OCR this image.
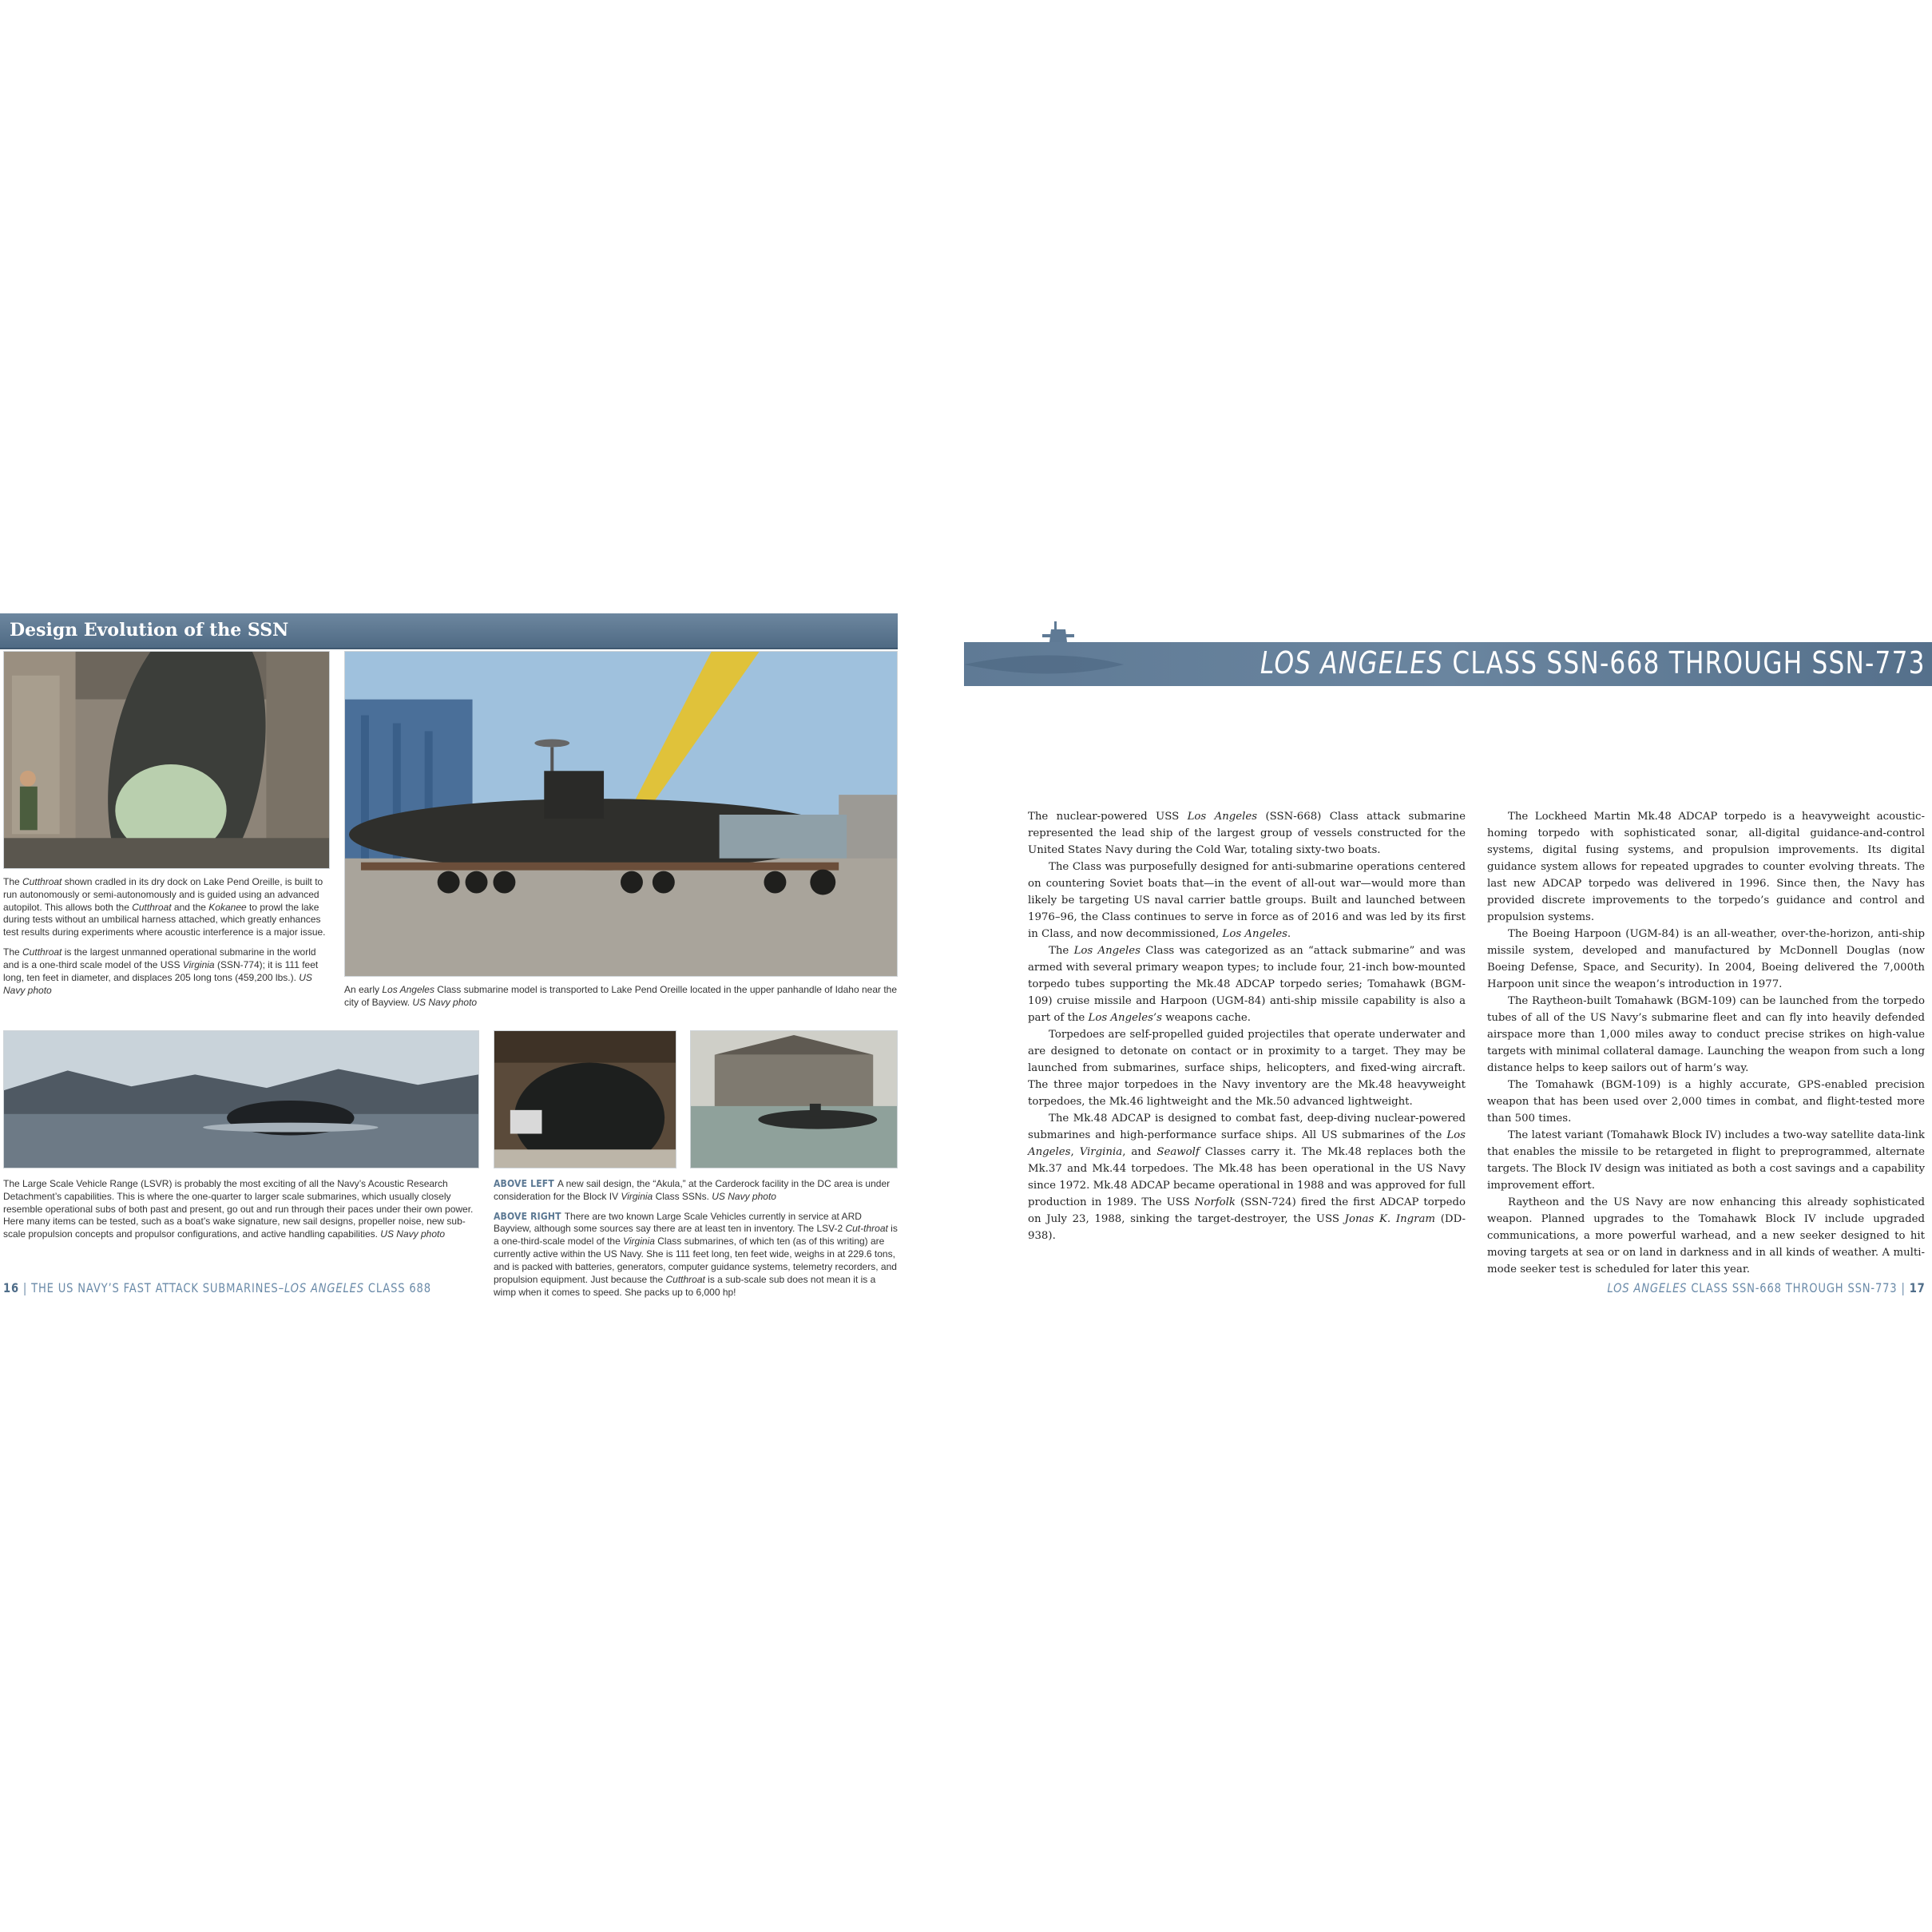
Design Evolution of the SSN

The Cutthroat shown cradled in its dry dock on Lake Pend Oreille, is built to run autonomously or semi-autonomously and is guided using an advanced autopilot. This allows both the Cutthroat and the Kokanee to prowl the lake during tests without an umbilical harness attached, which greatly enhances test results during experiments where acoustic interference is a major issue.

The Cutthroat is the largest unmanned operational submarine in the world and is a one-third scale model of the USS Virginia (SSN-774); it is 111 feet long, ten feet in diameter, and displaces 205 long tons (459,200 lbs.). US Navy photo	An early Los Angeles Class submarine model is transported to Lake Pend Oreille located in the upper panhandle of Idaho near the city of Bayview. US Navy photo

The Large Scale Vehicle Range (LSVR) is probably the most exciting of all the Navy’s Acoustic Research Detachment’s capabilities. This is where the one-quarter to larger scale submarines, which usually closely resemble operational subs of both past and present, go out and run through their paces under their own power. Here many items can be tested, such as a boat’s wake signature, new sail designs, propeller noise, new sub-scale propulsion concepts and propulsor configurations, and active handling capabilities. US Navy photo

ABOVE LEFT A new sail design, the “Akula,” at the Carderock facility in the DC area is under consideration for the Block IV Virginia Class SSNs. US Navy photo

ABOVE RIGHT There are two known Large Scale Vehicles currently in service at ARD Bayview, although some sources say there are at least ten in inventory. The LSV-2 Cut-throat is a one-third-scale model of the Virginia Class submarines, of which ten (as of this writing) are currently active within the US Navy. She is 111 feet long, ten feet wide, weighs in at 229.6 tons, and is packed with batteries, generators, computer guidance systems, telemetry recorders, and propulsion equipment. Just because the Cutthroat is a sub-scale sub does not mean it is a wimp when it comes to speed. She packs up to 6,000 hp!

16 | THE US NAVY’S FAST ATTACK SUBMARINES–LOS ANGELES CLASS 688
LOS ANGELES CLASS SSN-668 THROUGH SSN-773

The nuclear-powered USS Los Angeles (SSN-668) Class attack submarine represented the lead ship of the largest group of vessels constructed for the United States Navy during the Cold War, totaling sixty-two boats.

The Class was purposefully designed for anti-submarine operations centered on countering Soviet boats that—in the event of all-out war—would more than likely be targeting US naval carrier battle groups. Built and launched between 1976–96, the Class continues to serve in force as of 2016 and was led by its first in Class, and now decommissioned, Los Angeles.

The Los Angeles Class was categorized as an “attack submarine” and was armed with several primary weapon types; to include four, 21-inch bow-mounted torpedo tubes supporting the Mk.48 ADCAP torpedo series; Tomahawk (BGM-109) cruise missile and Harpoon (UGM-84) anti-ship missile capability is also a part of the Los Angeles’s weapons cache.

Torpedoes are self-propelled guided projectiles that operate underwater and are designed to detonate on contact or in proximity to a target. They may be launched from submarines, surface ships, helicopters, and fixed-wing aircraft. The three major torpedoes in the Navy inventory are the Mk.48 heavyweight torpedoes, the Mk.46 lightweight and the Mk.50 advanced lightweight.

The Mk.48 ADCAP is designed to combat fast, deep-diving nuclear-powered submarines and high-performance surface ships. All US submarines of the Los Angeles, Virginia, and Seawolf Classes carry it. The Mk.48 replaces both the Mk.37 and Mk.44 torpedoes. The Mk.48 has been operational in the US Navy since 1972. Mk.48 ADCAP became operational in 1988 and was approved for full production in 1989. The USS Norfolk (SSN-724) fired the first ADCAP torpedo on July 23, 1988, sinking the target-destroyer, the USS Jonas K. Ingram (DD-938).

The Lockheed Martin Mk.48 ADCAP torpedo is a heavyweight acoustic-homing torpedo with sophisticated sonar, all-digital guidance-and-control systems, digital fusing systems, and propulsion improvements. Its digital guidance system allows for repeated upgrades to counter evolving threats. The last new ADCAP torpedo was delivered in 1996. Since then, the Navy has provided discrete improvements to the torpedo’s guidance and control and propulsion systems.

The Boeing Harpoon (UGM-84) is an all-weather, over-the-horizon, anti-ship missile system, developed and manufactured by McDonnell Douglas (now Boeing Defense, Space, and Security). In 2004, Boeing delivered the 7,000th Harpoon unit since the weapon’s introduction in 1977.

The Raytheon-built Tomahawk (BGM-109) can be launched from the torpedo tubes of all of the US Navy’s submarine fleet and can fly into heavily defended airspace more than 1,000 miles away to conduct precise strikes on high-value targets with minimal collateral damage. Launching the weapon from such a long distance helps to keep sailors out of harm’s way.

The Tomahawk (BGM-109) is a highly accurate, GPS-enabled precision weapon that has been used over 2,000 times in combat, and flight-tested more than 500 times.

The latest variant (Tomahawk Block IV) includes a two-way satellite data-link that enables the missile to be retargeted in flight to preprogrammed, alternate targets. The Block IV design was initiated as both a cost savings and a capability improvement effort.

Raytheon and the US Navy are now enhancing this already sophisticated weapon. Planned upgrades to the Tomahawk Block IV include upgraded communications, a more powerful warhead, and a new seeker designed to hit moving targets at sea or on land in darkness and in all kinds of weather. A multi-mode seeker test is scheduled for later this year.

LOS ANGELES CLASS SSN-668 THROUGH SSN-773 | 17
